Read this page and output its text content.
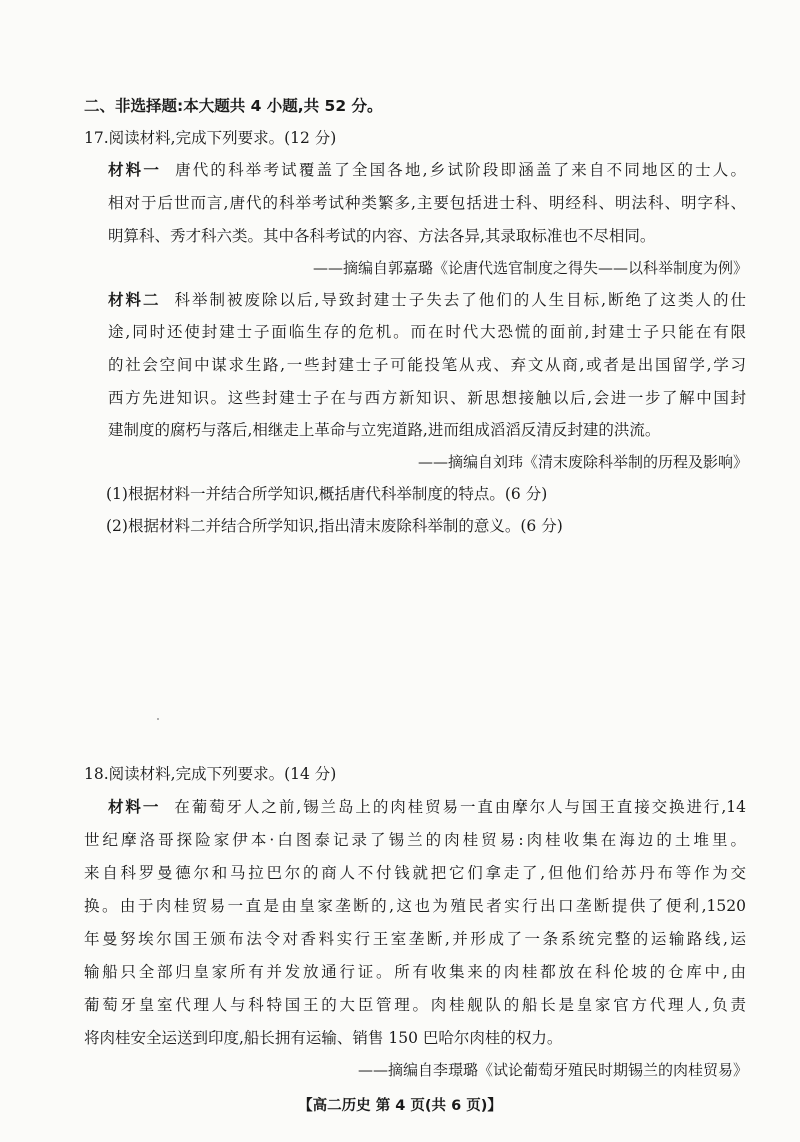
二、非选择题:本大题共 4 小题,共 52 分。
17.阅读材料,完成下列要求。(12 分)
材料一 唐代的科举考试覆盖了全国各地,乡试阶段即涵盖了来自不同地区的士人。
相对于后世而言,唐代的科举考试种类繁多,主要包括进士科、明经科、明法科、明字科、
明算科、秀才科六类。其中各科考试的内容、方法各异,其录取标准也不尽相同。
——摘编自郭嘉璐《论唐代选官制度之得失——以科举制度为例》
材料二 科举制被废除以后,导致封建士子失去了他们的人生目标,断绝了这类人的仕
途,同时还使封建士子面临生存的危机。而在时代大恐慌的面前,封建士子只能在有限
的社会空间中谋求生路,一些封建士子可能投笔从戎、弃文从商,或者是出国留学,学习
西方先进知识。这些封建士子在与西方新知识、新思想接触以后,会进一步了解中国封
建制度的腐朽与落后,相继走上革命与立宪道路,进而组成滔滔反清反封建的洪流。
——摘编自刘玮《清末废除科举制的历程及影响》
(1)根据材料一并结合所学知识,概括唐代科举制度的特点。(6 分)
(2)根据材料二并结合所学知识,指出清末废除科举制的意义。(6 分)
18.阅读材料,完成下列要求。(14 分)
材料一 在葡萄牙人之前,锡兰岛上的肉桂贸易一直由摩尔人与国王直接交换进行,14
世纪摩洛哥探险家伊本·白图泰记录了锡兰的肉桂贸易:肉桂收集在海边的土堆里。
来自科罗曼德尔和马拉巴尔的商人不付钱就把它们拿走了,但他们给苏丹布等作为交
换。由于肉桂贸易一直是由皇家垄断的,这也为殖民者实行出口垄断提供了便利,1520
年曼努埃尔国王颁布法令对香料实行王室垄断,并形成了一条系统完整的运输路线,运
输船只全部归皇家所有并发放通行证。所有收集来的肉桂都放在科伦坡的仓库中,由
葡萄牙皇室代理人与科特国王的大臣管理。肉桂舰队的船长是皇家官方代理人,负责
将肉桂安全运送到印度,船长拥有运输、销售 150 巴哈尔肉桂的权力。
——摘编自李璟璐《试论葡萄牙殖民时期锡兰的肉桂贸易》
【高二历史 第 4 页(共 6 页)】
